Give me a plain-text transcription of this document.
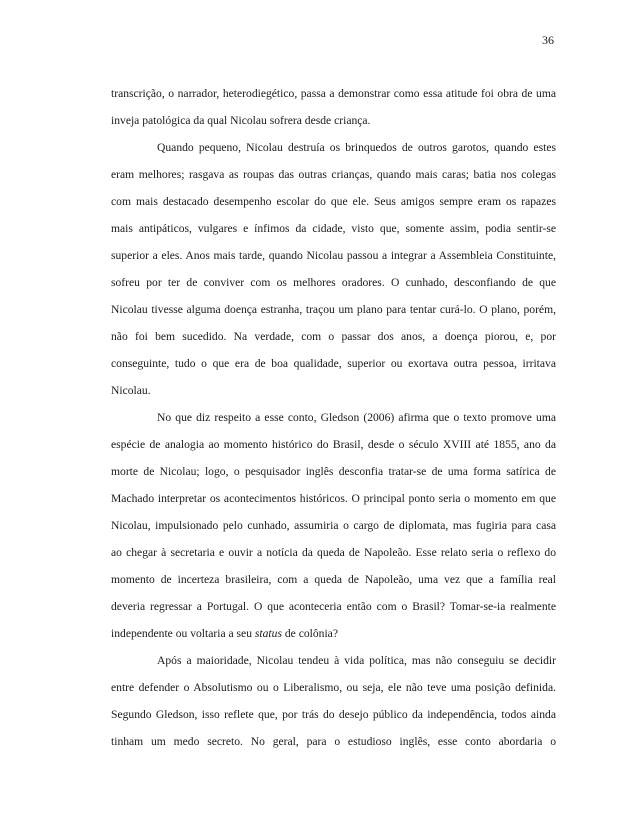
36
transcrição, o narrador, heterodiegético, passa a demonstrar como essa atitude foi obra de uma
inveja patológica da qual Nicolau sofrera desde criança.
Quando pequeno, Nicolau destruía os brinquedos de outros garotos, quando estes
eram melhores; rasgava as roupas das outras crianças, quando mais caras; batia nos colegas
com mais destacado desempenho escolar do que ele. Seus amigos sempre eram os rapazes
mais antipáticos, vulgares e ínfimos da cidade, visto que, somente assim, podia sentir-se
superior a eles. Anos mais tarde, quando Nicolau passou a integrar a Assembleia Constituinte,
sofreu por ter de conviver com os melhores oradores. O cunhado, desconfiando de que
Nicolau tivesse alguma doença estranha, traçou um plano para tentar curá-lo. O plano, porém,
não foi bem sucedido. Na verdade, com o passar dos anos, a doença piorou, e, por
conseguinte, tudo o que era de boa qualidade, superior ou exortava outra pessoa, irritava
Nicolau.
No que diz respeito a esse conto, Gledson (2006) afirma que o texto promove uma
espécie de analogia ao momento histórico do Brasil, desde o século XVIII até 1855, ano da
morte de Nicolau; logo, o pesquisador inglês desconfia tratar-se de uma forma satírica de
Machado interpretar os acontecimentos históricos. O principal ponto seria o momento em que
Nicolau, impulsionado pelo cunhado, assumiria o cargo de diplomata, mas fugiria para casa
ao chegar à secretaria e ouvir a notícia da queda de Napoleão. Esse relato seria o reflexo do
momento de incerteza brasileira, com a queda de Napoleão, uma vez que a família real
deveria regressar a Portugal. O que aconteceria então com o Brasil? Tomar-se-ia realmente
independente ou voltaria a seu status de colônia?
Após a maioridade, Nicolau tendeu à vida política, mas não conseguiu se decidir
entre defender o Absolutismo ou o Liberalismo, ou seja, ele não teve uma posição definida.
Segundo Gledson, isso reflete que, por trás do desejo público da independência, todos ainda
tinham um medo secreto. No geral, para o estudioso inglês, esse conto abordaria o
